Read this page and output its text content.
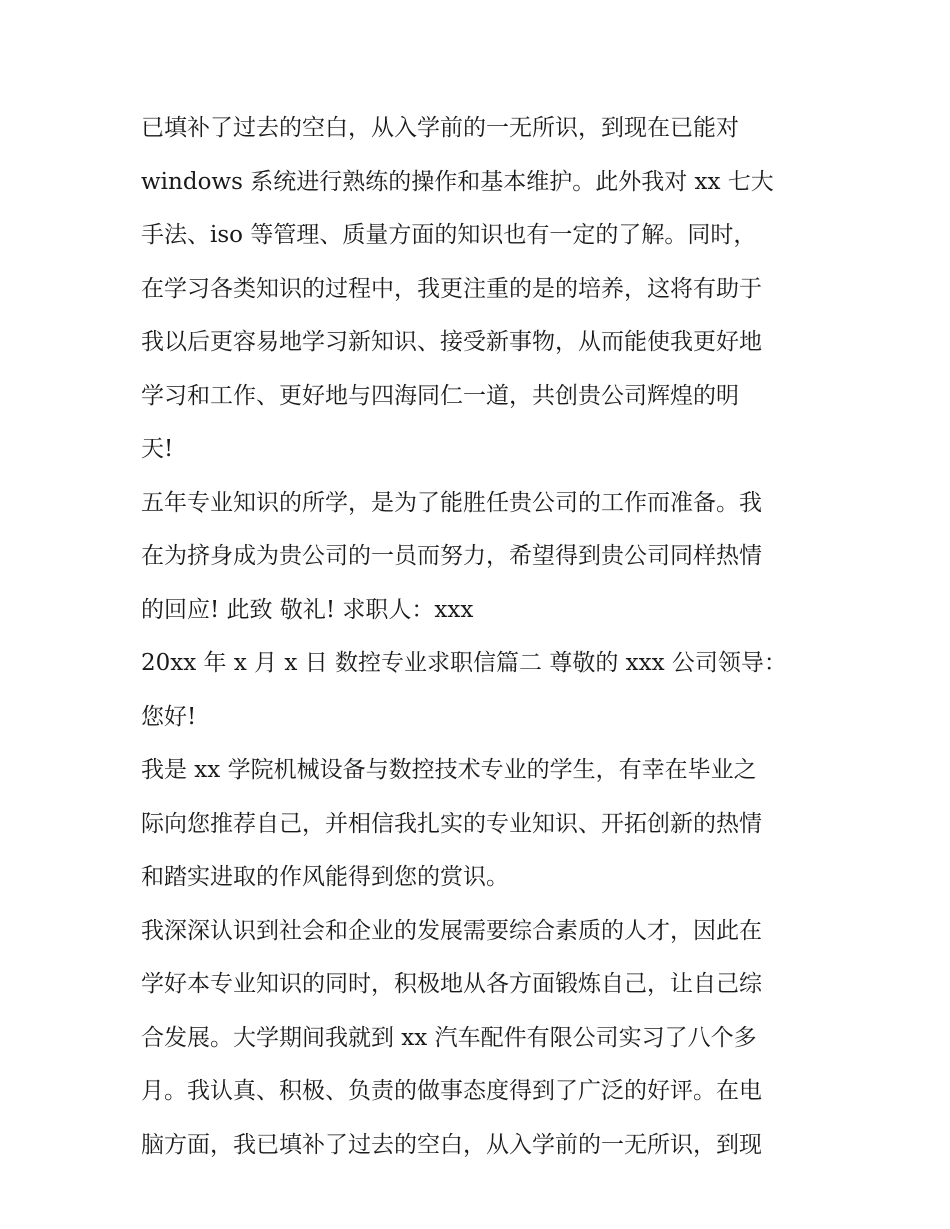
已填补了过去的空白，从入学前的一无所识，到现在已能对
windows 系统进行熟练的操作和基本维护。此外我对 xx 七大
手法、iso 等管理、质量方面的知识也有一定的了解。同时，
在学习各类知识的过程中，我更注重的是的培养，这将有助于
我以后更容易地学习新知识、接受新事物，从而能使我更好地
学习和工作、更好地与四海同仁一道，共创贵公司辉煌的明
天!
五年专业知识的所学，是为了能胜任贵公司的工作而准备。我
在为挤身成为贵公司的一员而努力，希望得到贵公司同样热情
的回应! 此致 敬礼! 求职人：xxx
20xx 年 x 月 x 日 数控专业求职信篇二 尊敬的 xxx 公司领导：
您好!
我是 xx 学院机械设备与数控技术专业的学生，有幸在毕业之
际向您推荐自己，并相信我扎实的专业知识、开拓创新的热情
和踏实进取的作风能得到您的赏识。
我深深认识到社会和企业的发展需要综合素质的人才，因此在
学好本专业知识的同时，积极地从各方面锻炼自己，让自己综
合发展。大学期间我就到 xx 汽车配件有限公司实习了八个多
月。我认真、积极、负责的做事态度得到了广泛的好评。在电
脑方面，我已填补了过去的空白，从入学前的一无所识，到现
